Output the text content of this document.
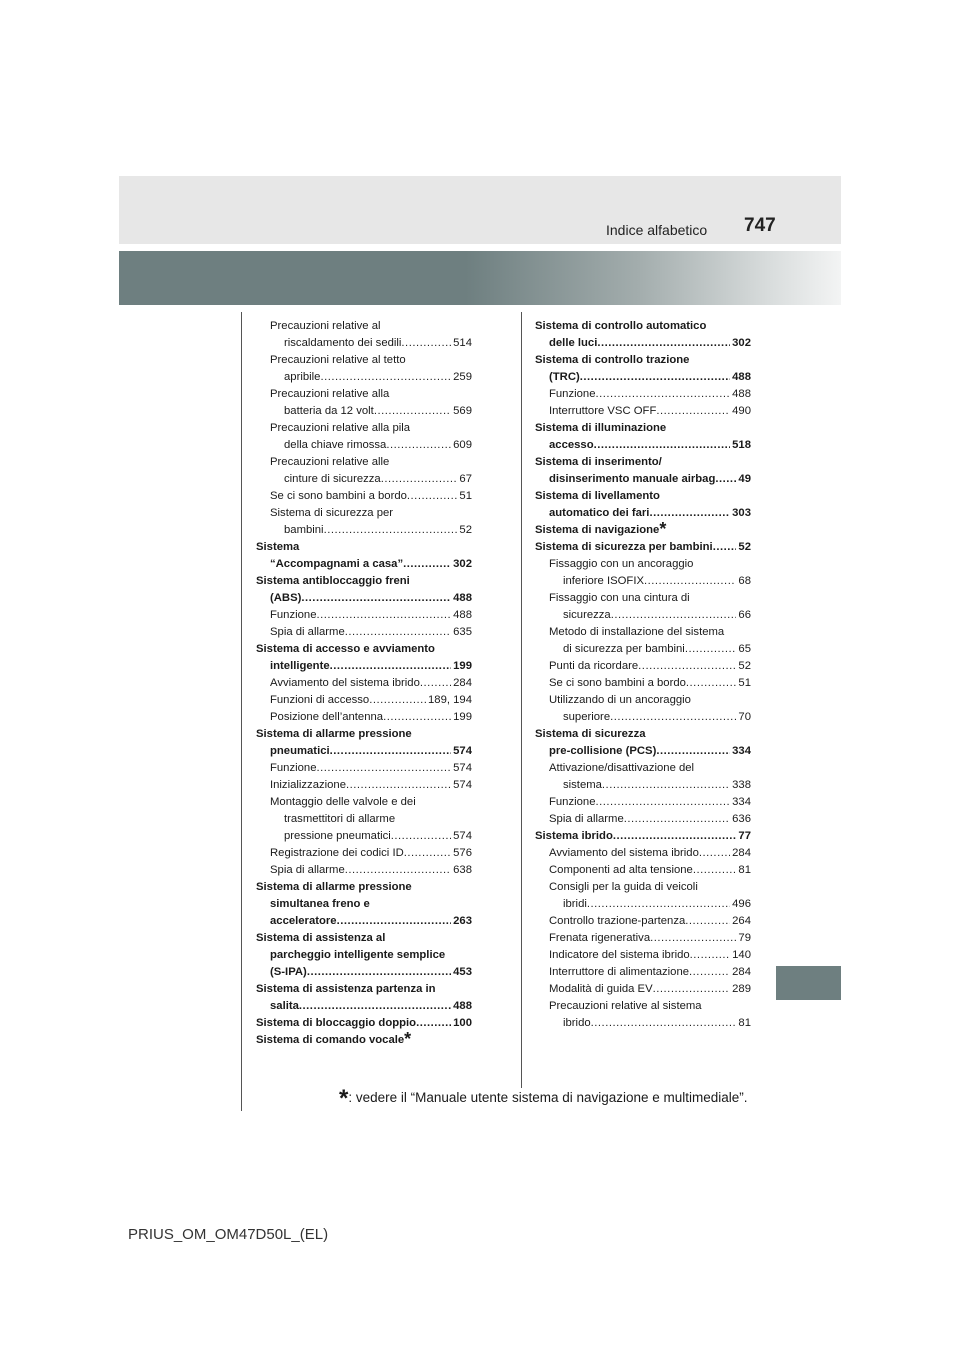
Indice alfabetico 747
Precauzioni relative al
riscaldamento dei sedili .....	514
Precauzioni relative al tetto
apribile .....	259
Precauzioni relative alla
batteria da 12 volt .....	569
Precauzioni relative alla pila
della chiave rimossa .....	609
Precauzioni relative alle
cinture di sicurezza .....	67
Se ci sono bambini a bordo .....	51
Sistema di sicurezza per
bambini .....	52
Sistema
“Accompagnami a casa” .....	302
Sistema antibloccaggio freni
(ABS) .....	488
Funzione .....	488
Spia di allarme .....	635
Sistema di accesso e avviamento
intelligente .....	199
Avviamento del sistema ibrido .....	284
Funzioni di accesso .....	189, 194
Posizione dell’antenna .....	199
Sistema di allarme pressione
pneumatici .....	574
Funzione .....	574
Inizializzazione .....	574
Montaggio delle valvole e dei
trasmettitori di allarme
pressione pneumatici .....	574
Registrazione dei codici ID .....	576
Spia di allarme .....	638
Sistema di allarme pressione
simultanea freno e
acceleratore .....	263
Sistema di assistenza al
parcheggio intelligente semplice
(S-IPA) .....	453
Sistema di assistenza partenza in
salita .....	488
Sistema di bloccaggio doppio .....	100
Sistema di comando vocale*
Sistema di controllo automatico
delle luci .....	302
Sistema di controllo trazione
(TRC) .....	488
Funzione .....	488
Interruttore VSC OFF .....	490
Sistema di illuminazione
accesso .....	518
Sistema di inserimento/
disinserimento manuale airbag ..... 49
Sistema di livellamento
automatico dei fari .....	303
Sistema di navigazione*
Sistema di sicurezza per bambini ..... 52
Fissaggio con un ancoraggio
inferiore ISOFIX .....	68
Fissaggio con una cintura di
sicurezza .....	66
Metodo di installazione del sistema
di sicurezza per bambini .....	65
Punti da ricordare .....	52
Se ci sono bambini a bordo .....	51
Utilizzando di un ancoraggio
superiore .....	70
Sistema di sicurezza
pre-collisione (PCS) .....	334
Attivazione/disattivazione del
sistema .....	338
Funzione .....	334
Spia di allarme .....	636
Sistema ibrido .....	77
Avviamento del sistema ibrido .....	284
Componenti ad alta tensione .....	81
Consigli per la guida di veicoli
ibridi .....	496
Controllo trazione-partenza .....	264
Frenata rigenerativa .....	79
Indicatore del sistema ibrido .....	140
Interruttore di alimentazione .....	284
Modalità di guida EV .....	289
Precauzioni relative al sistema
ibrido .....	81
*: vedere il “Manuale utente sistema di navigazione e multimediale”.
PRIUS_OM_OM47D50L_(EL)
